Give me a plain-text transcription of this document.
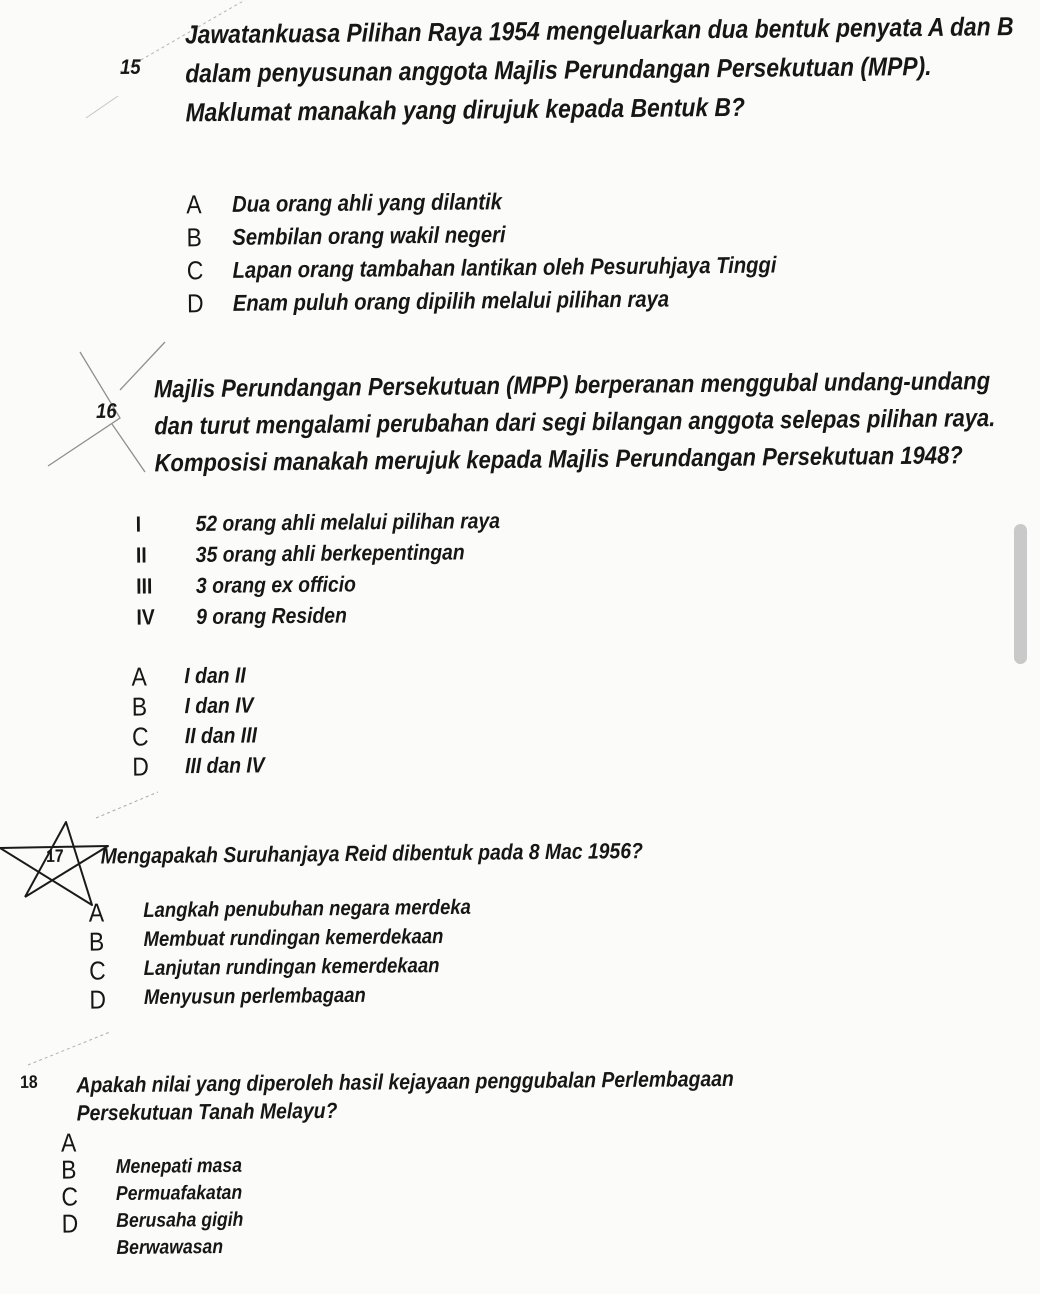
15
Jawatankuasa Pilihan Raya 1954 mengeluarkan dua bentuk penyata A dan B
dalam penyusunan anggota Majlis Perundangan Persekutuan (MPP).
Maklumat manakah yang dirujuk kepada Bentuk B?
A Dua orang ahli yang dilantik
B Sembilan orang wakil negeri
C Lapan orang tambahan lantikan oleh Pesuruhjaya Tinggi
D Enam puluh orang dipilih melalui pilihan raya
16
Majlis Perundangan Persekutuan (MPP) berperanan menggubal undang-undang
dan turut mengalami perubahan dari segi bilangan anggota selepas pilihan raya.
Komposisi manakah merujuk kepada Majlis Perundangan Persekutuan 1948?
I 52 orang ahli melalui pilihan raya
II 35 orang ahli berkepentingan
III 3 orang ex officio
IV 9 orang Residen
A I dan II
B I dan IV
C II dan III
D III dan IV
17 Mengapakah Suruhanjaya Reid dibentuk pada 8 Mac 1956?
A Langkah penubuhan negara merdeka
B Membuat rundingan kemerdekaan
C Lanjutan rundingan kemerdekaan
D Menyusun perlembagaan
18 Apakah nilai yang diperoleh hasil kejayaan penggubalan Perlembagaan
Persekutuan Tanah Melayu?
A
B Menepati masa
C Permuafakatan
D Berusaha gigih
Berwawasan
